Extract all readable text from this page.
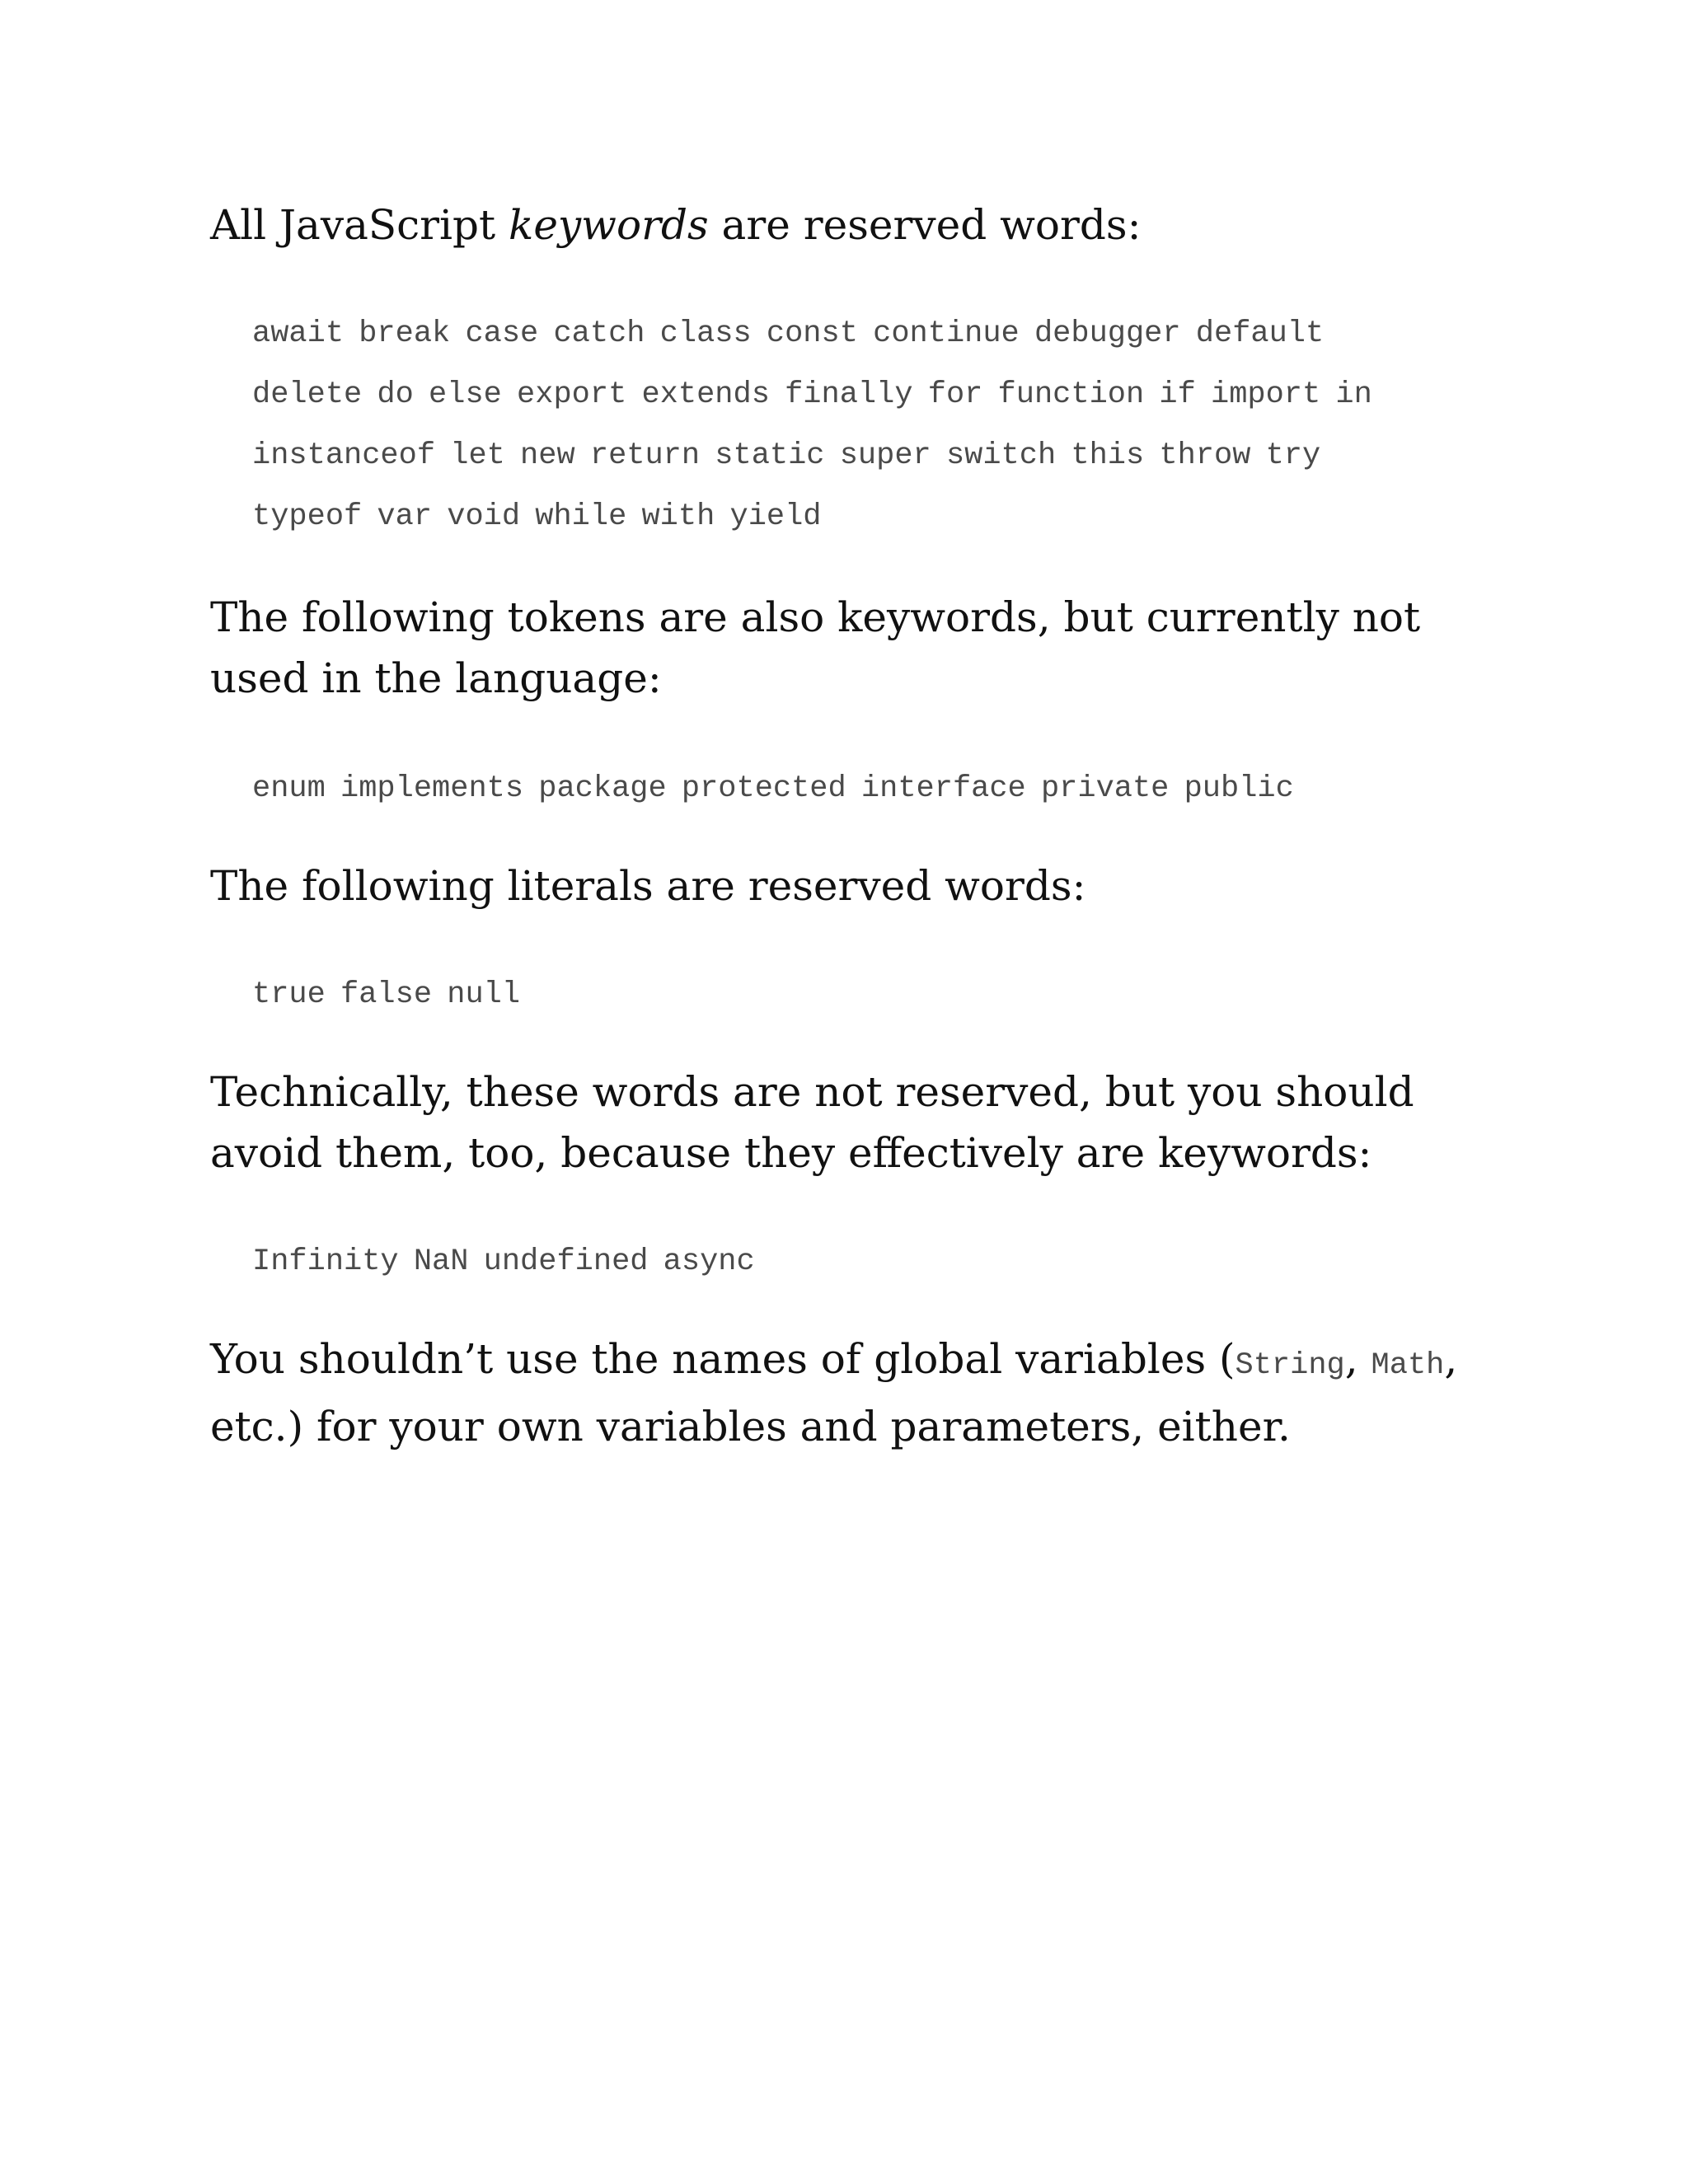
All JavaScript keywords are reserved words:

await break case catch class const continue debugger default
delete do else export extends finally for function if import in
instanceof let new return static super switch this throw try
typeof var void while with yield

The following tokens are also keywords, but currently not used in the language:

enum implements package protected interface private public

The following literals are reserved words:

true false null

Technically, these words are not reserved, but you should avoid them, too, because they effectively are keywords:

Infinity NaN undefined async

You shouldn’t use the names of global variables (String, Math, etc.) for your own variables and parameters, either.
